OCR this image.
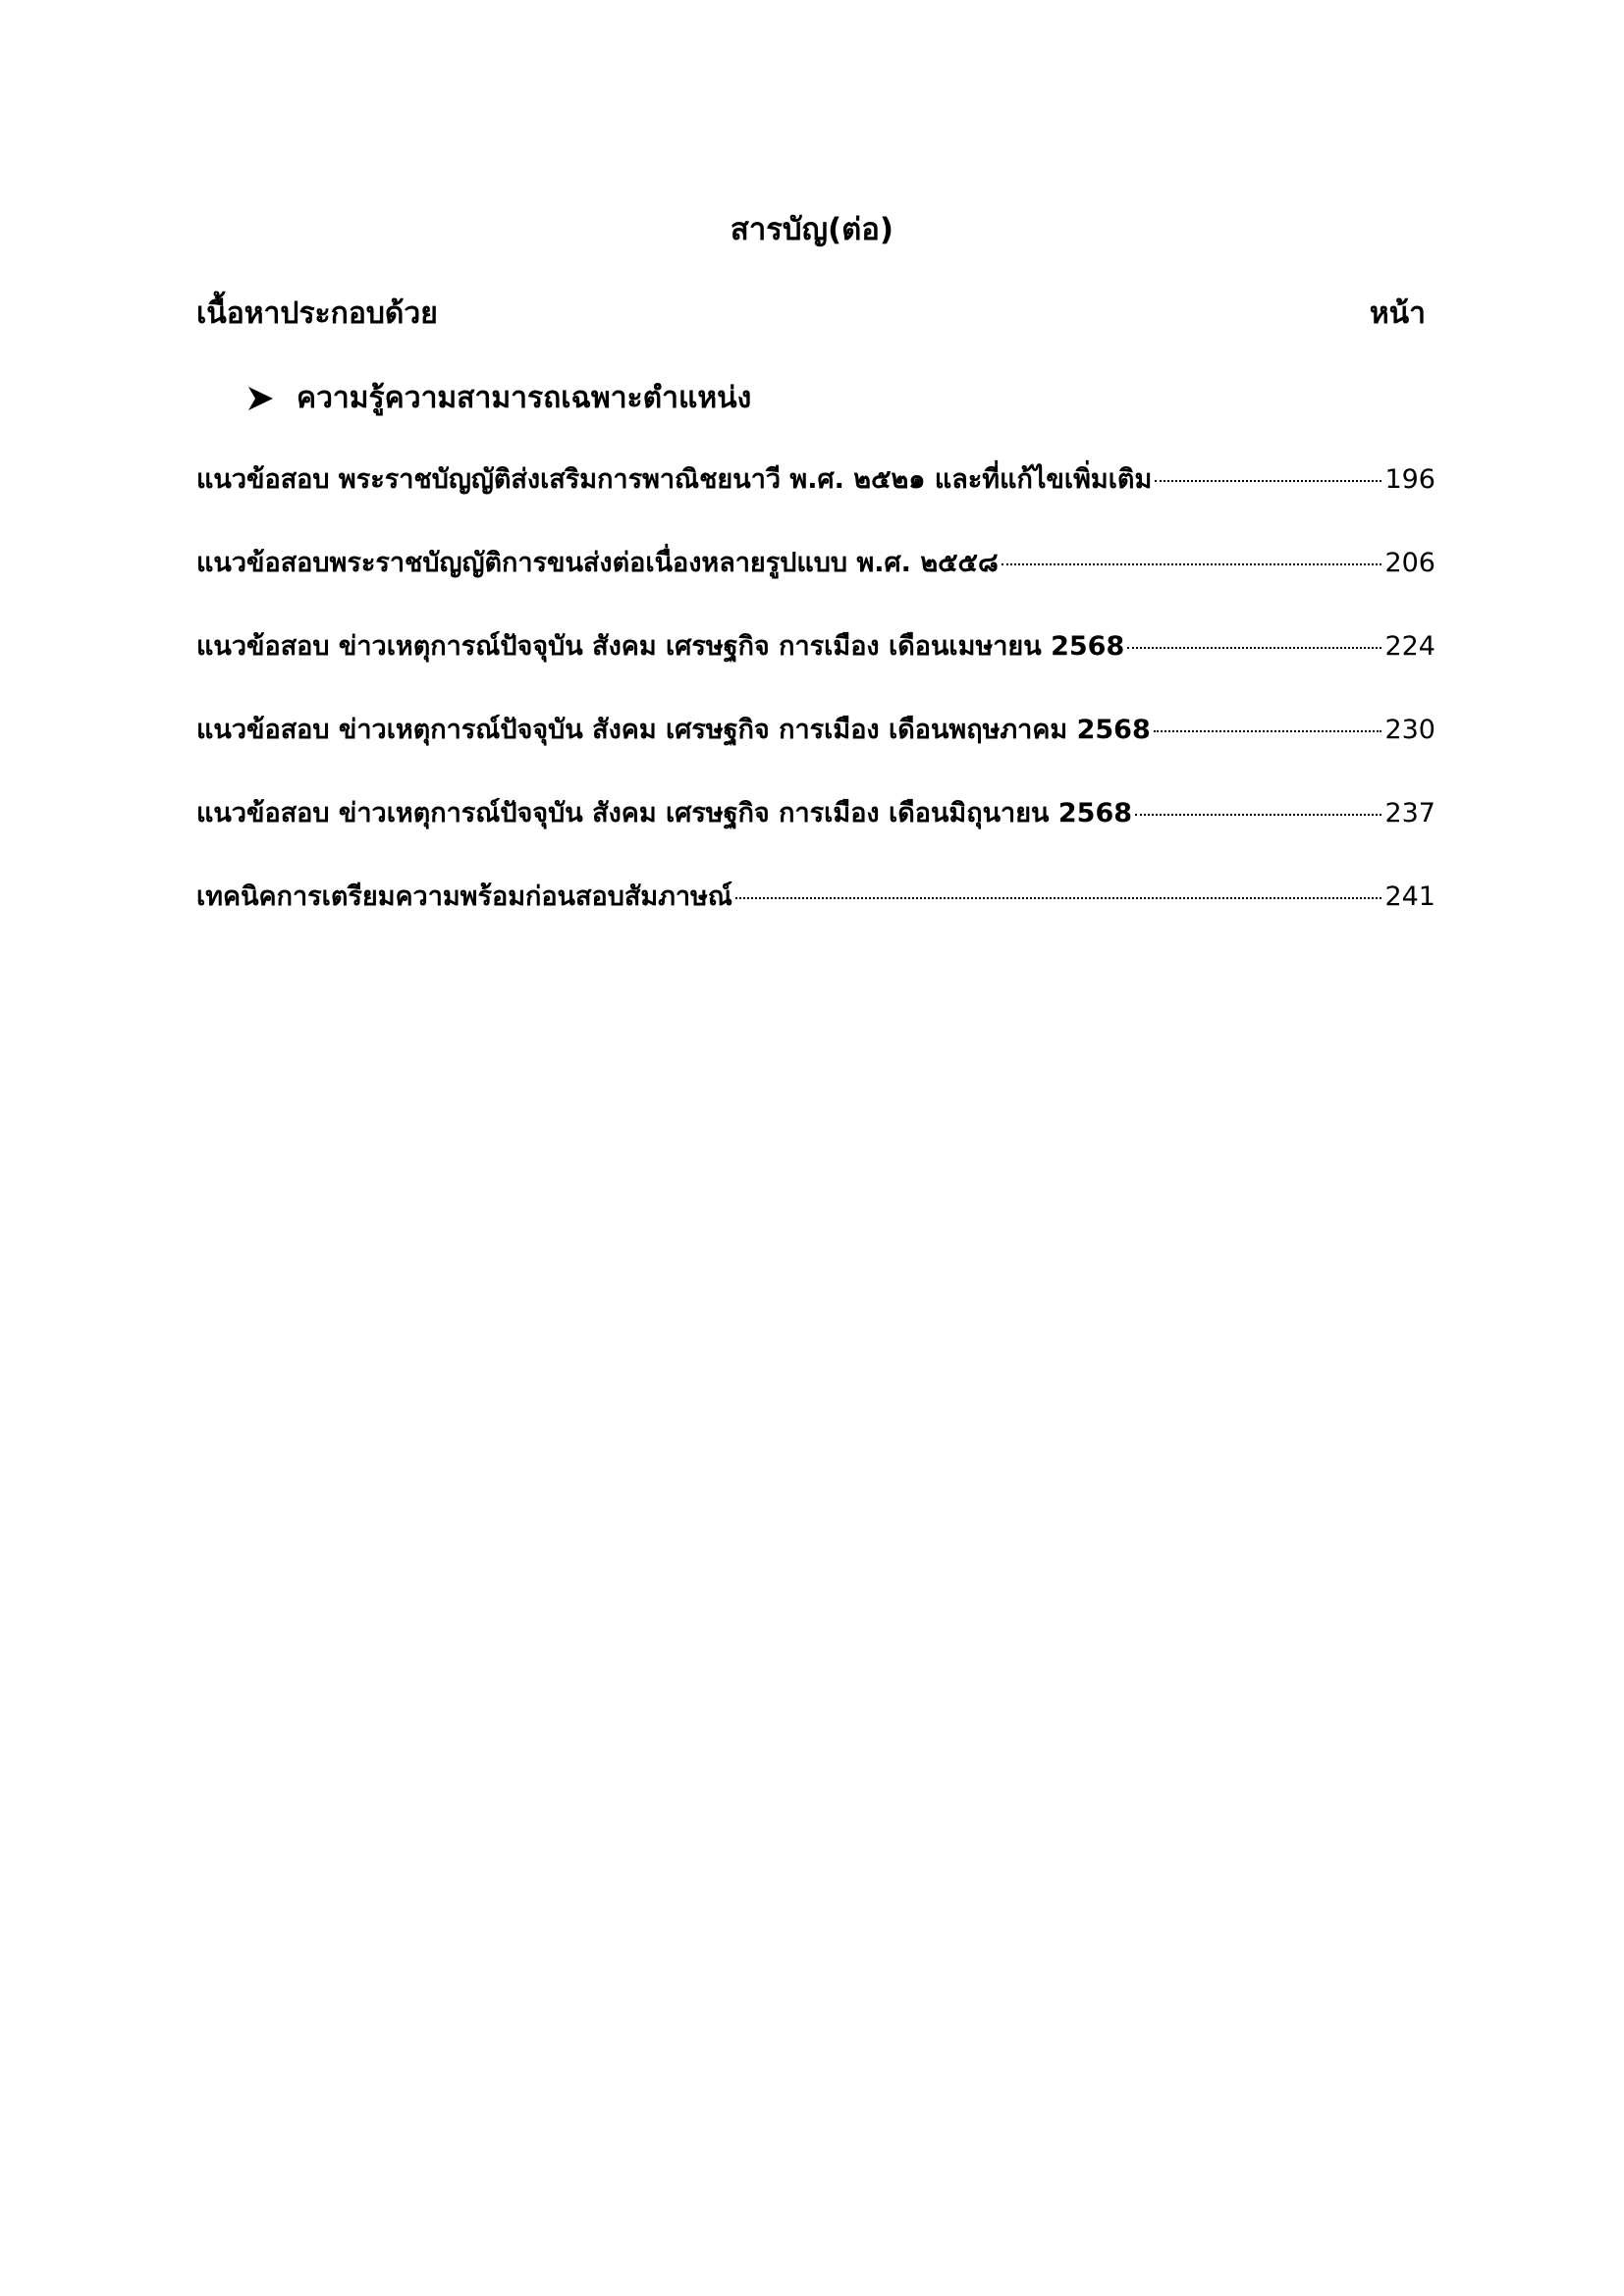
สารบัญ(ต่อ)
เนื้อหาประกอบด้วย	หน้า
ความรู้ความสามารถเฉพาะตำแหน่ง
แนวข้อสอบ พระราชบัญญัติส่งเสริมการพาณิชยนาวี พ.ศ. ๒๕๒๑ และที่แก้ไขเพิ่มเติม	196
แนวข้อสอบพระราชบัญญัติการขนส่งต่อเนื่องหลายรูปแบบ พ.ศ. ๒๕๕๘	206
แนวข้อสอบ ข่าวเหตุการณ์ปัจจุบัน สังคม เศรษฐกิจ การเมือง เดือนเมษายน 2568	224
แนวข้อสอบ ข่าวเหตุการณ์ปัจจุบัน สังคม เศรษฐกิจ การเมือง เดือนพฤษภาคม 2568	230
แนวข้อสอบ ข่าวเหตุการณ์ปัจจุบัน สังคม เศรษฐกิจ การเมือง เดือนมิถุนายน 2568	237
เทคนิคการเตรียมความพร้อมก่อนสอบสัมภาษณ์	241
